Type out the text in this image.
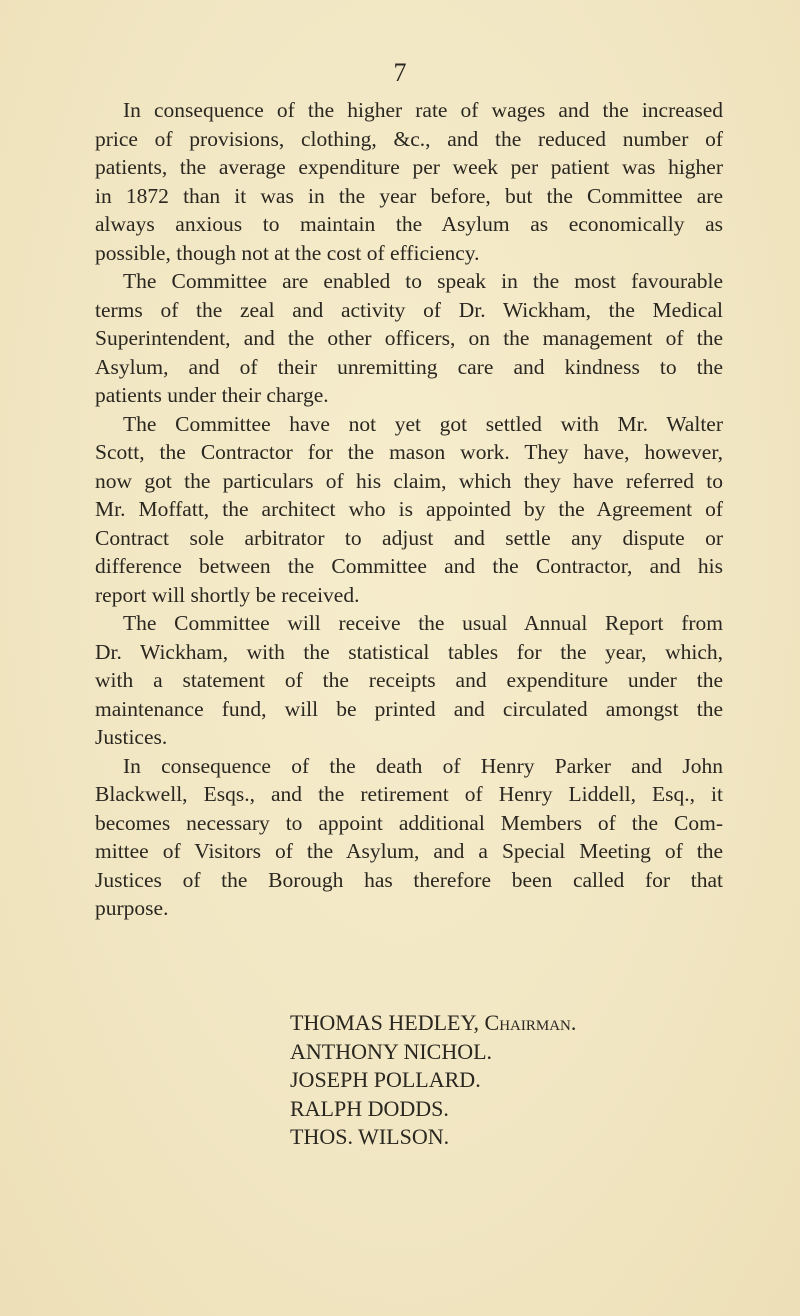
7
In consequence of the higher rate of wages and the increased
price of provisions, clothing, &c., and the reduced number of
patients, the average expenditure per week per patient was higher
in 1872 than it was in the year before, but the Committee are
always anxious to maintain the Asylum as economically as
possible, though not at the cost of efficiency.
The Committee are enabled to speak in the most favourable
terms of the zeal and activity of Dr. Wickham, the Medical
Superintendent, and the other officers, on the management of the
Asylum, and of their unremitting care and kindness to the
patients under their charge.
The Committee have not yet got settled with Mr. Walter
Scott, the Contractor for the mason work. They have, however,
now got the particulars of his claim, which they have referred to
Mr. Moffatt, the architect who is appointed by the Agreement of
Contract sole arbitrator to adjust and settle any dispute or
difference between the Committee and the Contractor, and his
report will shortly be received.
The Committee will receive the usual Annual Report from
Dr. Wickham, with the statistical tables for the year, which,
with a statement of the receipts and expenditure under the
maintenance fund, will be printed and circulated amongst the
Justices.
In consequence of the death of Henry Parker and John
Blackwell, Esqs., and the retirement of Henry Liddell, Esq., it
becomes necessary to appoint additional Members of the Com-
mittee of Visitors of the Asylum, and a Special Meeting of the
Justices of the Borough has therefore been called for that
purpose.
THOMAS HEDLEY, Chairman.
ANTHONY NICHOL.
JOSEPH POLLARD.
RALPH DODDS.
THOS. WILSON.
